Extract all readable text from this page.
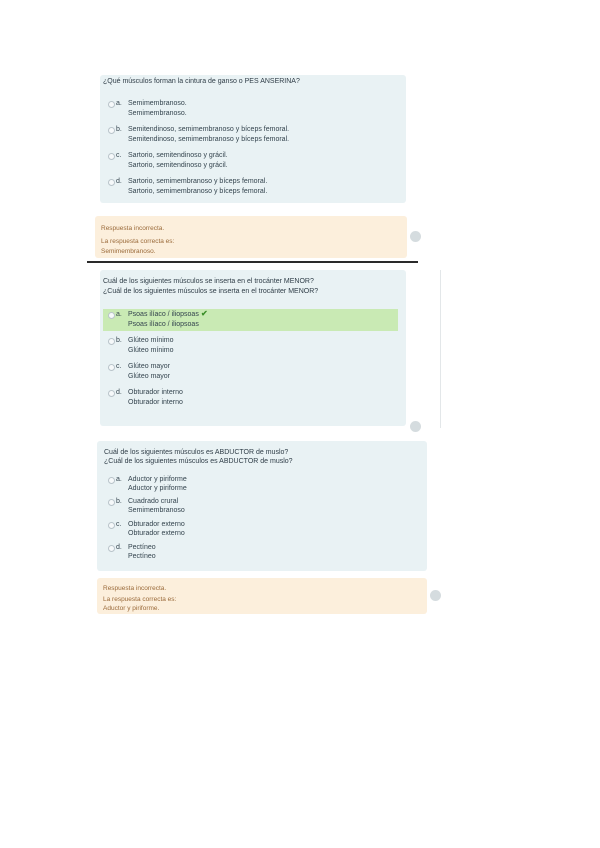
¿Qué músculos forman la cintura de ganso o PES ANSERINA?
a. Semimembranoso.
Semimembranoso.
b. Semitendinoso, semimembranoso y bíceps femoral.
Semitendinoso, semimembranoso y bíceps femoral.
c. Sartorio, semitendinoso y grácil.
Sartorio, semitendinoso y grácil.
d. Sartorio, semimembranoso y bíceps femoral.
Sartorio, semimembranoso y bíceps femoral.
Respuesta incorrecta.
La respuesta correcta es:
Semimembranoso.
Cuál de los siguientes músculos se inserta en el trocánter MENOR?
¿Cuál de los siguientes músculos se inserta en el trocánter MENOR?
a. Psoas ilíaco / iliopsoas
Psoas ilíaco / iliopsoas
✔
b. Glúteo mínimo
Glúteo mínimo
c. Glúteo mayor
Glúteo mayor
d. Obturador interno
Obturador interno
Cuál de los siguientes músculos es ABDUCTOR de muslo?
¿Cuál de los siguientes músculos es ABDUCTOR de muslo?
a. Aductor y piriforme
Aductor y piriforme
b. Cuadrado crural
Semimembranoso
c. Obturador externo
Obturador externo
d. Pectíneo
Pectíneo
Respuesta incorrecta.
La respuesta correcta es:
Aductor y piriforme.
